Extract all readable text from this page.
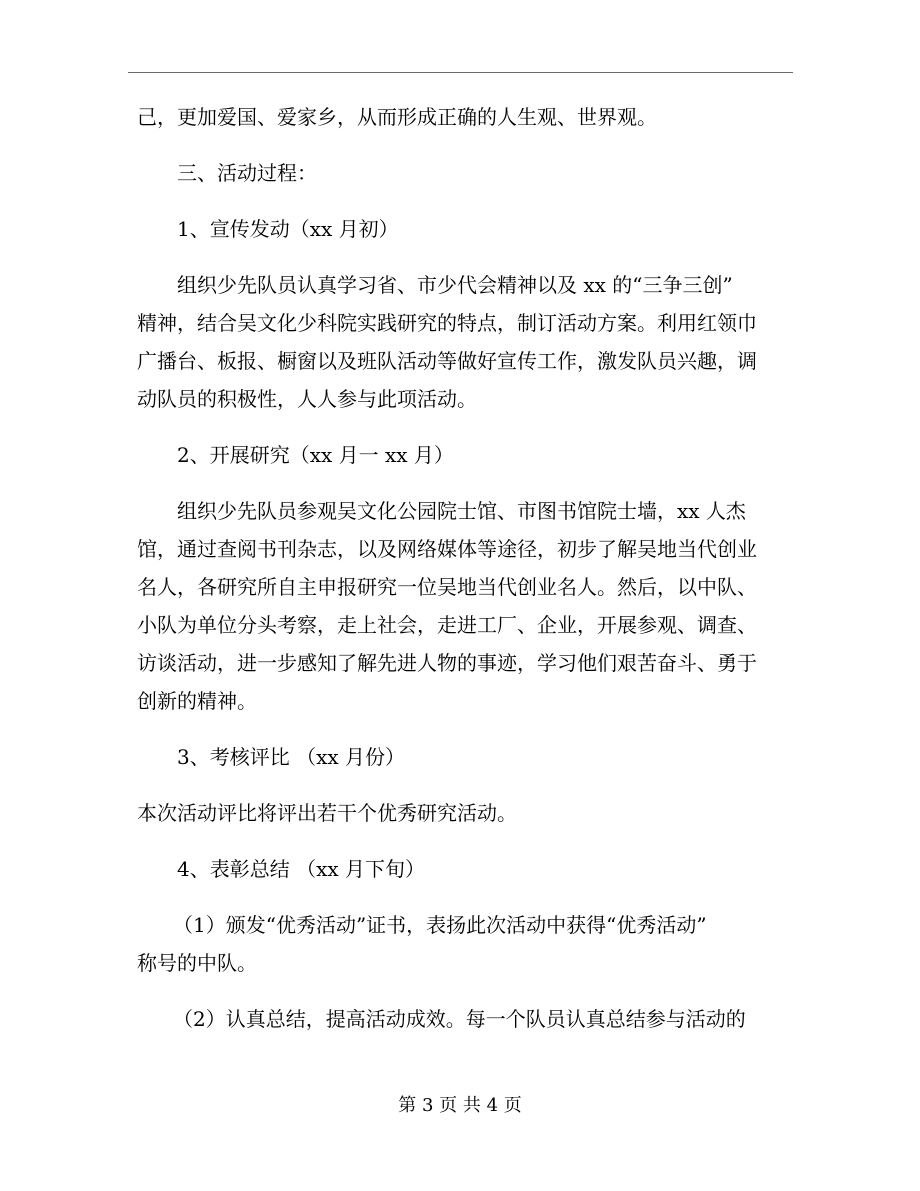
己，更加爱国、爱家乡，从而形成正确的人生观、世界观。
三、活动过程：
1、宣传发动（xx 月初）
组织少先队员认真学习省、市少代会精神以及 xx 的“三争三创”
精神，结合吴文化少科院实践研究的特点，制订活动方案。利用红领巾
广播台、板报、橱窗以及班队活动等做好宣传工作，激发队员兴趣，调
动队员的积极性，人人参与此项活动。
2、开展研究（xx 月一 xx 月）
组织少先队员参观吴文化公园院士馆、市图书馆院士墙，xx 人杰
馆，通过查阅书刊杂志，以及网络媒体等途径，初步了解吴地当代创业
名人，各研究所自主申报研究一位吴地当代创业名人。然后，以中队、
小队为单位分头考察，走上社会，走进工厂、企业，开展参观、调查、
访谈活动，进一步感知了解先进人物的事迹，学习他们艰苦奋斗、勇于
创新的精神。
3、考核评比 （xx 月份）
本次活动评比将评出若干个优秀研究活动。
4、表彰总结 （xx 月下旬）
（1）颁发“优秀活动”证书，表扬此次活动中获得“优秀活动”
称号的中队。
（2）认真总结，提高活动成效。每一个队员认真总结参与活动的
第 3 页 共 4 页
